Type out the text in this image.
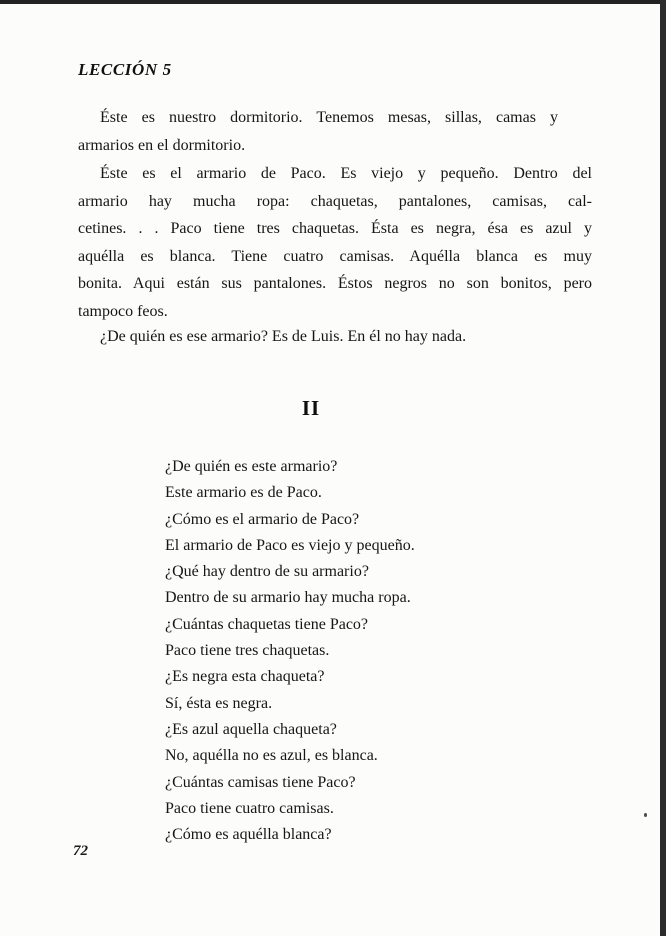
LECCIÓN 5
Éste es nuestro dormitorio. Tenemos mesas, sillas, camas y
armarios en el dormitorio.
Éste es el armario de Paco. Es viejo y pequeño. Dentro del
armario hay mucha ropa: chaquetas, pantalones, camisas, cal-
cetines. . . Paco tiene tres chaquetas. Ésta es negra, ésa es azul y
aquélla es blanca. Tiene cuatro camisas. Aquélla blanca es muy
bonita. Aqui están sus pantalones. Éstos negros no son bonitos, pero
tampoco feos.
¿De quién es ese armario? Es de Luis. En él no hay nada.
II
¿De quién es este armario?
Este armario es de Paco.
¿Cómo es el armario de Paco?
El armario de Paco es viejo y pequeño.
¿Qué hay dentro de su armario?
Dentro de su armario hay mucha ropa.
¿Cuántas chaquetas tiene Paco?
Paco tiene tres chaquetas.
¿Es negra esta chaqueta?
Sí, ésta es negra.
¿Es azul aquella chaqueta?
No, aquélla no es azul, es blanca.
¿Cuántas camisas tiene Paco?
Paco tiene cuatro camisas.
¿Cómo es aquélla blanca?
72
